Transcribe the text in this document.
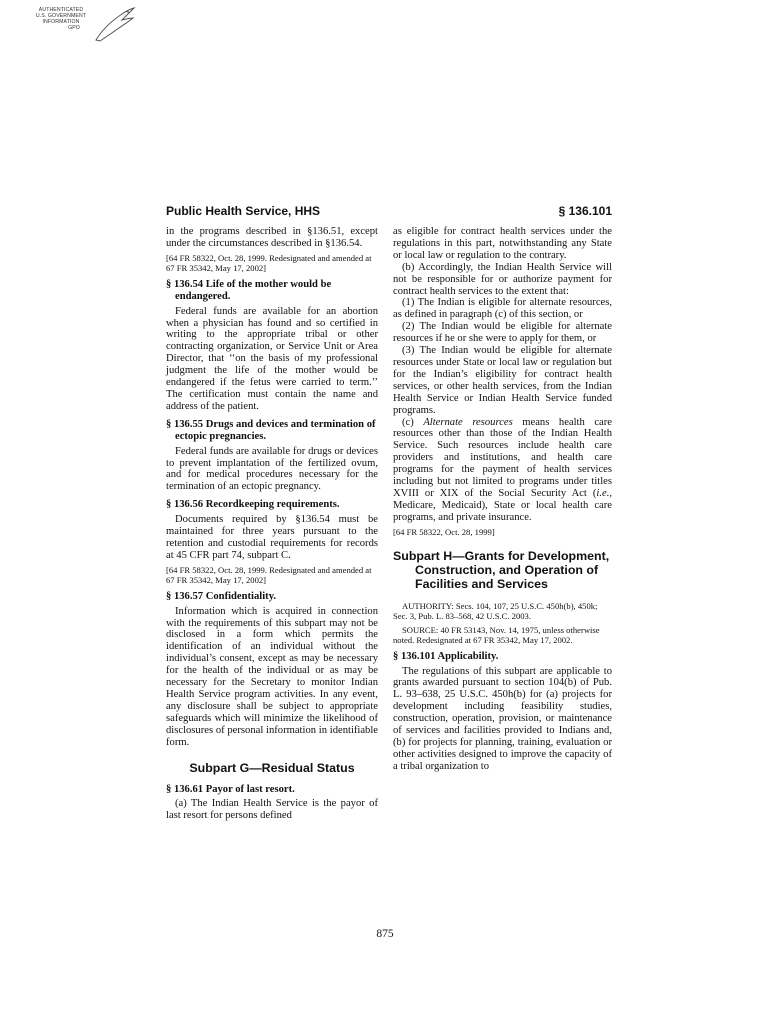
AUTHENTICATED
U.S. GOVERNMENT
INFORMATION
GPO
Public Health Service, HHS	§ 136.101

in the programs described in §136.51, except under the circumstances described in §136.54.

[64 FR 58322, Oct. 28, 1999. Redesignated and amended at 67 FR 35342, May 17, 2002]

§ 136.54 Life of the mother would be endangered.

Federal funds are available for an abortion when a physician has found and so certified in writing to the appropriate tribal or other contracting organization, or Service Unit or Area Director, that ‘‘on the basis of my professional judgment the life of the mother would be endangered if the fetus were carried to term.’’ The certification must contain the name and address of the patient.

§ 136.55 Drugs and devices and termination of ectopic pregnancies.

Federal funds are available for drugs or devices to prevent implantation of the fertilized ovum, and for medical procedures necessary for the termination of an ectopic pregnancy.

§ 136.56 Recordkeeping requirements.

Documents required by §136.54 must be maintained for three years pursuant to the retention and custodial requirements for records at 45 CFR part 74, subpart C.

[64 FR 58322, Oct. 28, 1999. Redesignated and amended at 67 FR 35342, May 17, 2002]

§ 136.57 Confidentiality.

Information which is acquired in connection with the requirements of this subpart may not be disclosed in a form which permits the identification of an individual without the individual’s consent, except as may be necessary for the health of the individual or as may be necessary for the Secretary to monitor Indian Health Service program activities. In any event, any disclosure shall be subject to appropriate safeguards which will minimize the likelihood of disclosures of personal information in identifiable form.

Subpart G—Residual Status

§ 136.61 Payor of last resort.

(a) The Indian Health Service is the payor of last resort for persons defined

as eligible for contract health services under the regulations in this part, notwithstanding any State or local law or regulation to the contrary.

(b) Accordingly, the Indian Health Service will not be responsible for or authorize payment for contract health services to the extent that:

(1) The Indian is eligible for alternate resources, as defined in paragraph (c) of this section, or

(2) The Indian would be eligible for alternate resources if he or she were to apply for them, or

(3) The Indian would be eligible for alternate resources under State or local law or regulation but for the Indian’s eligibility for contract health services, or other health services, from the Indian Health Service or Indian Health Service funded programs.

(c) Alternate resources means health care resources other than those of the Indian Health Service. Such resources include health care providers and institutions, and health care programs for the payment of health services including but not limited to programs under titles XVIII or XIX of the Social Security Act (i.e., Medicare, Medicaid), State or local health care programs, and private insurance.

[64 FR 58322, Oct. 28, 1999]

Subpart H—Grants for Development, Construction, and Operation of Facilities and Services

AUTHORITY: Secs. 104, 107, 25 U.S.C. 450h(b), 450k; Sec. 3, Pub. L. 83–568, 42 U.S.C. 2003.

SOURCE: 40 FR 53143, Nov. 14, 1975, unless otherwise noted. Redesignated at 67 FR 35342, May 17, 2002.

§ 136.101 Applicability.

The regulations of this subpart are applicable to grants awarded pursuant to section 104(b) of Pub. L. 93–638, 25 U.S.C. 450h(b) for (a) projects for development including feasibility studies, construction, operation, provision, or maintenance of services and facilities provided to Indians and, (b) for projects for planning, training, evaluation or other activities designed to improve the capacity of a tribal organization to

875
